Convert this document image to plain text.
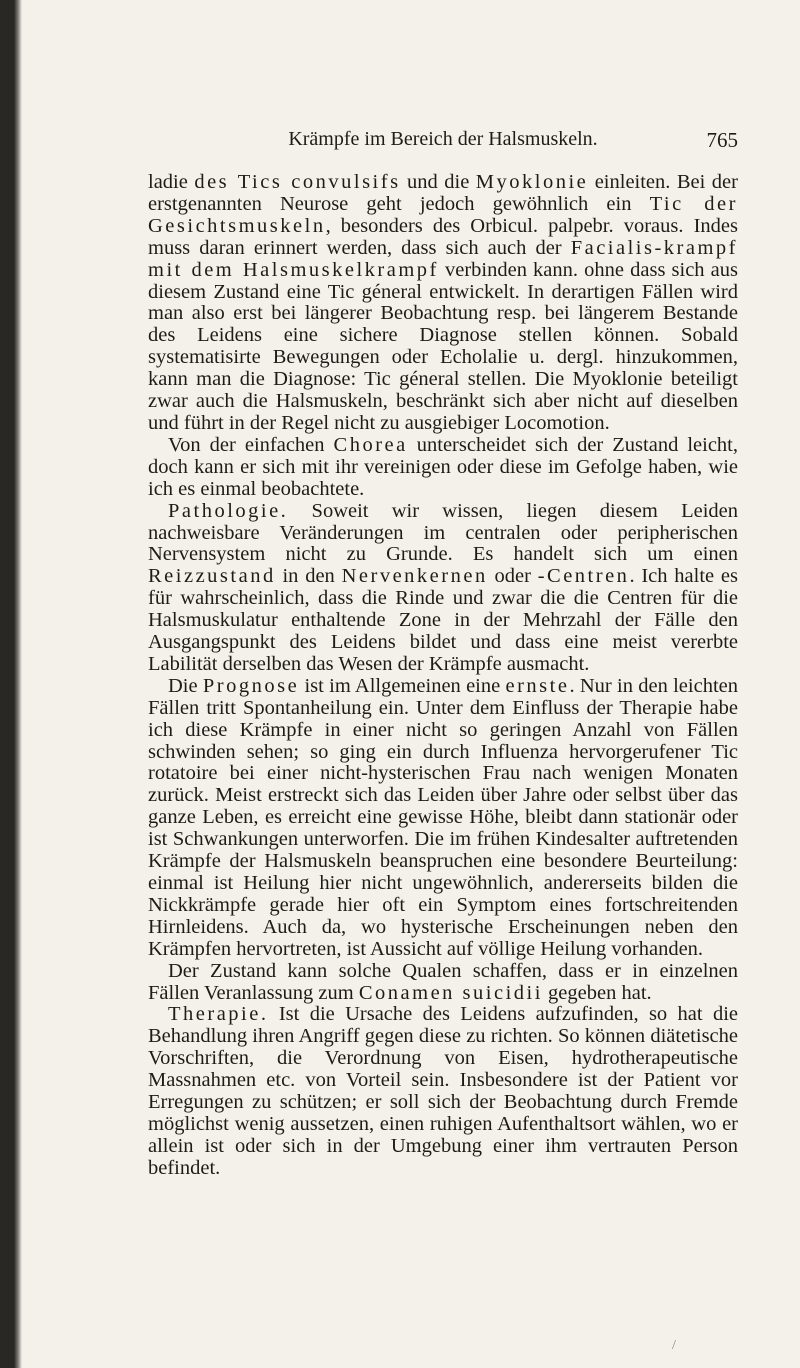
Krämpfe im Bereich der Halsmuskeln.	765

ladie des Tics convulsifs und die Myoklonie einleiten. Bei der erstgenannten Neurose geht jedoch gewöhnlich ein Tic der Gesichtsmuskeln, besonders des Orbicul. palpebr. voraus. Indes muss daran erinnert werden, dass sich auch der Facialis-krampf mit dem Halsmuskelkrampf verbinden kann. ohne dass sich aus diesem Zustand eine Tic géneral entwickelt. In derartigen Fällen wird man also erst bei längerer Beobachtung resp. bei längerem Bestande des Leidens eine sichere Diagnose stellen können. Sobald systematisirte Bewegungen oder Echolalie u. dergl. hinzukommen, kann man die Diagnose: Tic géneral stellen. Die Myoklonie beteiligt zwar auch die Halsmuskeln, beschränkt sich aber nicht auf dieselben und führt in der Regel nicht zu ausgiebiger Locomotion.

Von der einfachen Chorea unterscheidet sich der Zustand leicht, doch kann er sich mit ihr vereinigen oder diese im Gefolge haben, wie ich es einmal beobachtete.

Pathologie. Soweit wir wissen, liegen diesem Leiden nachweisbare Veränderungen im centralen oder peripherischen Nervensystem nicht zu Grunde. Es handelt sich um einen Reizzustand in den Nervenkernen oder -Centren. Ich halte es für wahrscheinlich, dass die Rinde und zwar die die Centren für die Halsmuskulatur enthaltende Zone in der Mehrzahl der Fälle den Ausgangspunkt des Leidens bildet und dass eine meist vererbte Labilität derselben das Wesen der Krämpfe ausmacht.

Die Prognose ist im Allgemeinen eine ernste. Nur in den leichten Fällen tritt Spontanheilung ein. Unter dem Einfluss der Therapie habe ich diese Krämpfe in einer nicht so geringen Anzahl von Fällen schwinden sehen; so ging ein durch Influenza hervorgerufener Tic rotatoire bei einer nicht-hysterischen Frau nach wenigen Monaten zurück. Meist erstreckt sich das Leiden über Jahre oder selbst über das ganze Leben, es erreicht eine gewisse Höhe, bleibt dann stationär oder ist Schwankungen unterworfen. Die im frühen Kindesalter auftretenden Krämpfe der Halsmuskeln beanspruchen eine besondere Beurteilung: einmal ist Heilung hier nicht ungewöhnlich, andererseits bilden die Nickkrämpfe gerade hier oft ein Symptom eines fortschreitenden Hirnleidens. Auch da, wo hysterische Erscheinungen neben den Krämpfen hervortreten, ist Aussicht auf völlige Heilung vorhanden.

Der Zustand kann solche Qualen schaffen, dass er in einzelnen Fällen Veranlassung zum Conamen suicidii gegeben hat.

Therapie. Ist die Ursache des Leidens aufzufinden, so hat die Behandlung ihren Angriff gegen diese zu richten. So können diätetische Vorschriften, die Verordnung von Eisen, hydrotherapeutische Massnahmen etc. von Vorteil sein. Insbesondere ist der Patient vor Erregungen zu schützen; er soll sich der Beobachtung durch Fremde möglichst wenig aussetzen, einen ruhigen Aufenthaltsort wählen, wo er allein ist oder sich in der Umgebung einer ihm vertrauten Person befindet.

/
